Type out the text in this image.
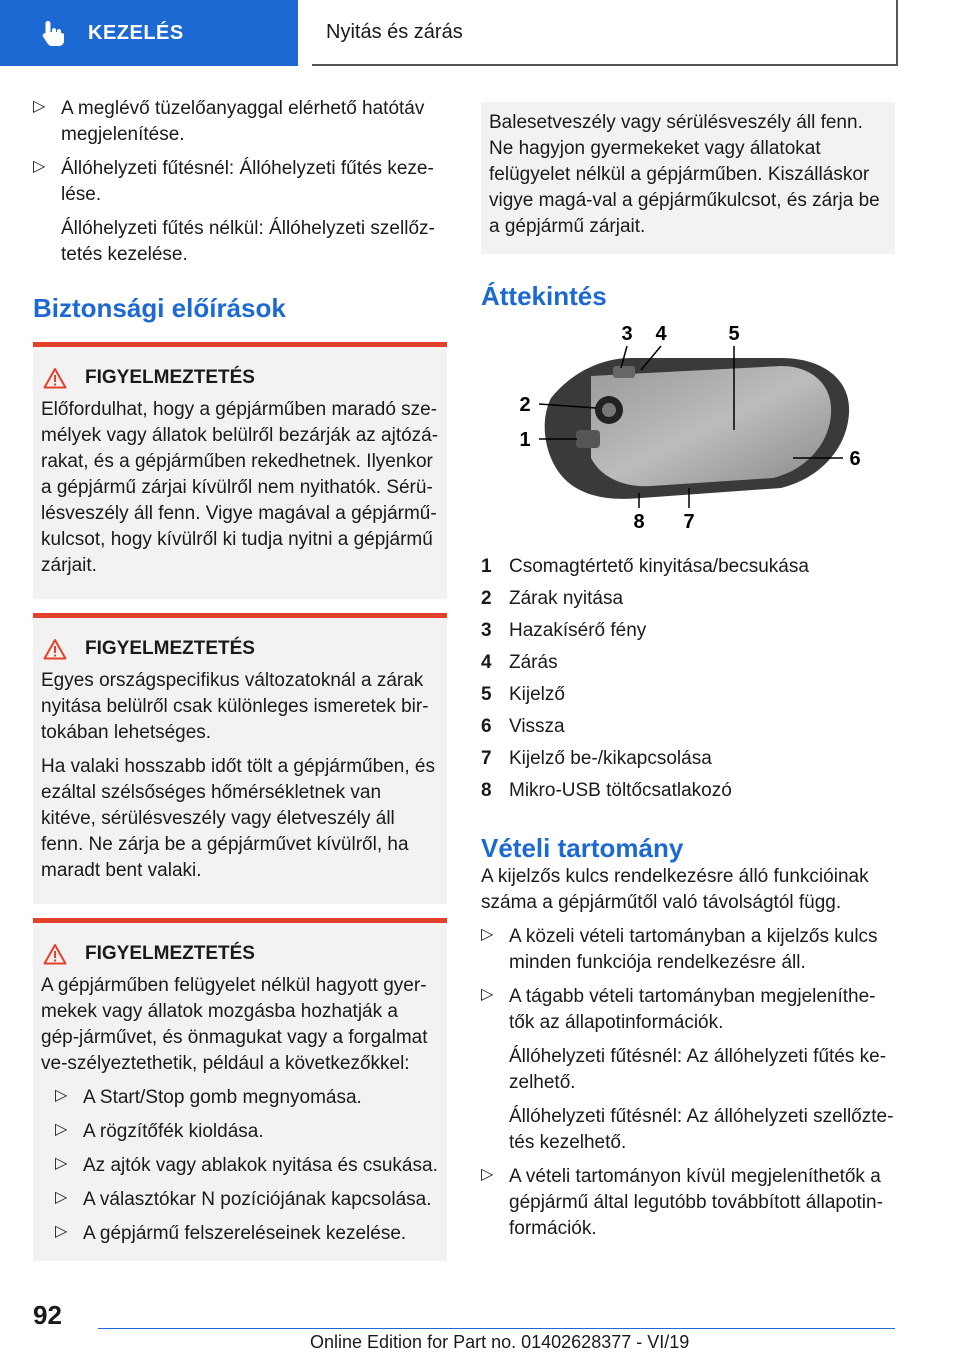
KEZELÉS	Nyitás és zárás
▷ A meglévő tüzelőanyaggal elérhető hatótáv megjelenítése.

▷ Állóhelyzeti fűtésnél: Állóhelyzeti fűtés keze-lése.

Állóhelyzeti fűtés nélkül: Állóhelyzeti szellőz-tetés kezelése.

Biztonsági előírások
FIGYELMEZTETÉS

Előfordulhat, hogy a gépjárműben maradó sze-mélyek vagy állatok belülről bezárják az ajtózá-rakat, és a gépjárműben rekedhetnek. Ilyenkor a gépjármű zárjai kívülről nem nyithatók. Sérü-lésveszély áll fenn. Vigye magával a gépjármű-kulcsot, hogy kívülről ki tudja nyitni a gépjármű zárjait.

FIGYELMEZTETÉS

Egyes országspecifikus változatoknál a zárak nyitása belülről csak különleges ismeretek bir-tokában lehetséges.

Ha valaki hosszabb időt tölt a gépjárműben, és ezáltal szélsőséges hőmérsékletnek van kitéve, sérülésveszély vagy életveszély áll fenn. Ne zárja be a gépjárművet kívülről, ha maradt bent valaki.

FIGYELMEZTETÉS

A gépjárműben felügyelet nélkül hagyott gyer-mekek vagy állatok mozgásba hozhatják a gép-járművet, és önmagukat vagy a forgalmat ve-szélyeztethetik, például a következőkkel:

▷ A Start/Stop gomb megnyomása.

▷ A rögzítőfék kioldása.

▷ Az ajtók vagy ablakok nyitása és csukása.

▷ A választókar N pozíciójának kapcsolása.

▷ A gépjármű felszereléseinek kezelése.

Balesetveszély vagy sérülésveszély áll fenn. Ne hagyjon gyermekeket vagy állatokat felügyelet nélkül a gépjárműben. Kiszálláskor vigye magá-val a gépjárműkulcsot, és zárja be a gépjármű zárjait.

Áttekintés
3 4	5
2
1
6
8 7
1 Csomagtértető kinyitása/becsukása
2 Zárak nyitása
3 Hazakísérő fény
4 Zárás
5 Kijelző
6 Vissza
7 Kijelző be-/kikapcsolása
8 Mikro-USB töltőcsatlakozó
Vételi tartomány

A kijelzős kulcs rendelkezésre álló funkcióinak száma a gépjárműtől való távolságtól függ.

▷ A közeli vételi tartományban a kijelzős kulcs minden funkciója rendelkezésre áll.

▷ A tágabb vételi tartományban megjeleníthe-tők az állapotinformációk.

Állóhelyzeti fűtésnél: Az állóhelyzeti fűtés ke-zelhető.

Állóhelyzeti fűtésnél: Az állóhelyzeti szellőzte-tés kezelhető.

▷ A vételi tartományon kívül megjeleníthetők a gépjármű által legutóbb továbbított állapotin-formációk.

92
Online Edition for Part no. 01402628377 - VI/19
